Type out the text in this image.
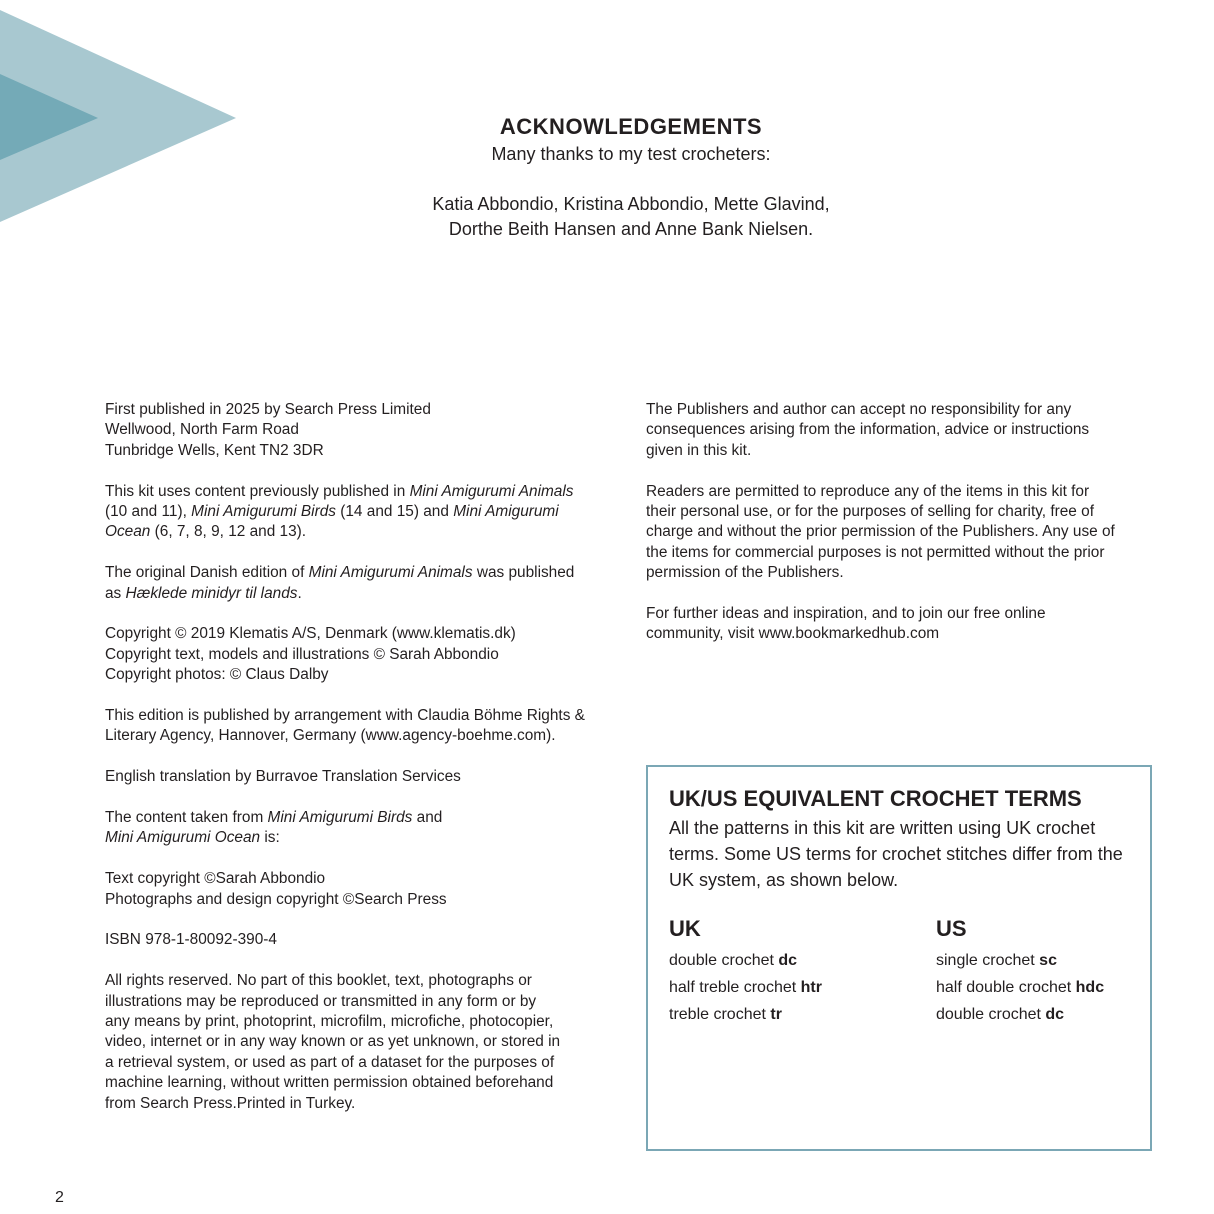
ACKNOWLEDGEMENTS
Many thanks to my test crocheters:
Katia Abbondio, Kristina Abbondio, Mette Glavind,
Dorthe Beith Hansen and Anne Bank Nielsen.

First published in 2025 by Search Press Limited
Wellwood, North Farm Road
Tunbridge Wells, Kent TN2 3DR

This kit uses content previously published in Mini Amigurumi Animals
(10 and 11), Mini Amigurumi Birds (14 and 15) and Mini Amigurumi
Ocean (6, 7, 8, 9, 12 and 13).

The original Danish edition of Mini Amigurumi Animals was published
as Hæklede minidyr til lands.

Copyright © 2019 Klematis A/S, Denmark (www.klematis.dk)
Copyright text, models and illustrations © Sarah Abbondio
Copyright photos: © Claus Dalby

This edition is published by arrangement with Claudia Böhme Rights &
Literary Agency, Hannover, Germany (www.agency-boehme.com).

English translation by Burravoe Translation Services

The content taken from Mini Amigurumi Birds and
Mini Amigurumi Ocean is:

Text copyright ©Sarah Abbondio
Photographs and design copyright ©Search Press

ISBN 978-1-80092-390-4

All rights reserved. No part of this booklet, text, photographs or
illustrations may be reproduced or transmitted in any form or by
any means by print, photoprint, microfilm, microfiche, photocopier,
video, internet or in any way known or as yet unknown, or stored in
a retrieval system, or used as part of a dataset for the purposes of
machine learning, without written permission obtained beforehand
from Search Press.Printed in Turkey.

The Publishers and author can accept no responsibility for any
consequences arising from the information, advice or instructions
given in this kit.

Readers are permitted to reproduce any of the items in this kit for
their personal use, or for the purposes of selling for charity, free of
charge and without the prior permission of the Publishers. Any use of
the items for commercial purposes is not permitted without the prior
permission of the Publishers.

For further ideas and inspiration, and to join our free online
community, visit www.bookmarkedhub.com

UK/US EQUIVALENT CROCHET TERMS
All the patterns in this kit are written using UK crochet
terms. Some US terms for crochet stitches differ from the
UK system, as shown below.
UK
double crochet dc
half treble crochet htr
treble crochet tr
US
single crochet sc
half double crochet hdc
double crochet dc
2
